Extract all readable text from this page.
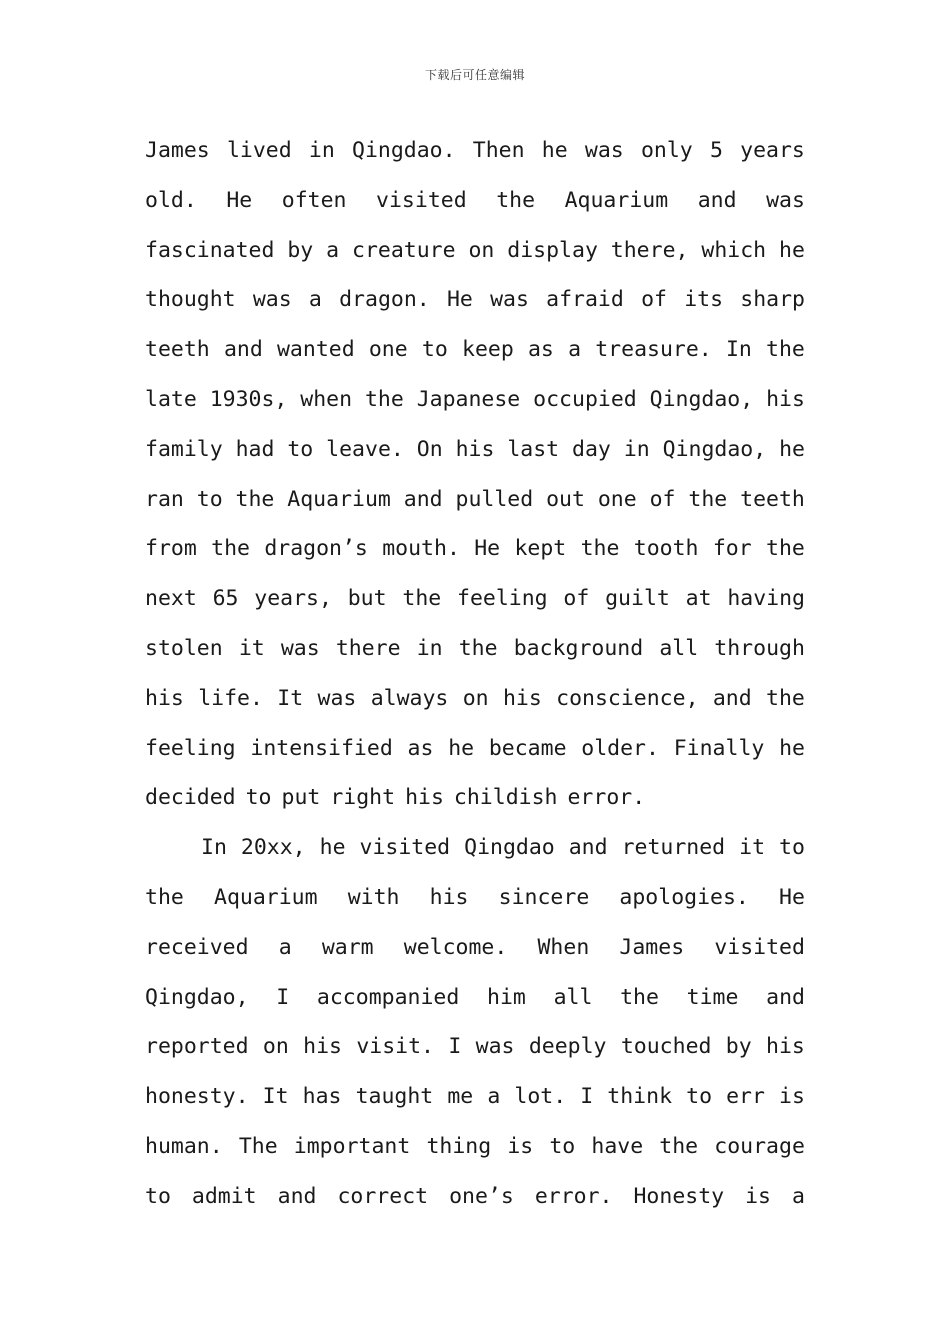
下载后可任意编辑
James lived in Qingdao. Then he was only 5 years
old. He often visited the Aquarium and was
fascinated by a creature on display there, which he
thought was a dragon. He was afraid of its sharp
teeth and wanted one to keep as a treasure. In the
late 1930s, when the Japanese occupied Qingdao, his
family had to leave. On his last day in Qingdao, he
ran to the Aquarium and pulled out one of the teeth
from the dragon’s mouth. He kept the tooth for the
next 65 years, but the feeling of guilt at having
stolen it was there in the background all through
his life. It was always on his conscience, and the
feeling intensified as he became older. Finally he
decided to put right his childish error.
In 20xx, he visited Qingdao and returned it to
the Aquarium with his sincere apologies. He
received a warm welcome. When James visited
Qingdao, I accompanied him all the time and
reported on his visit. I was deeply touched by his
honesty. It has taught me a lot. I think to err is
human. The important thing is to have the courage
to admit and correct one’s error. Honesty is a
